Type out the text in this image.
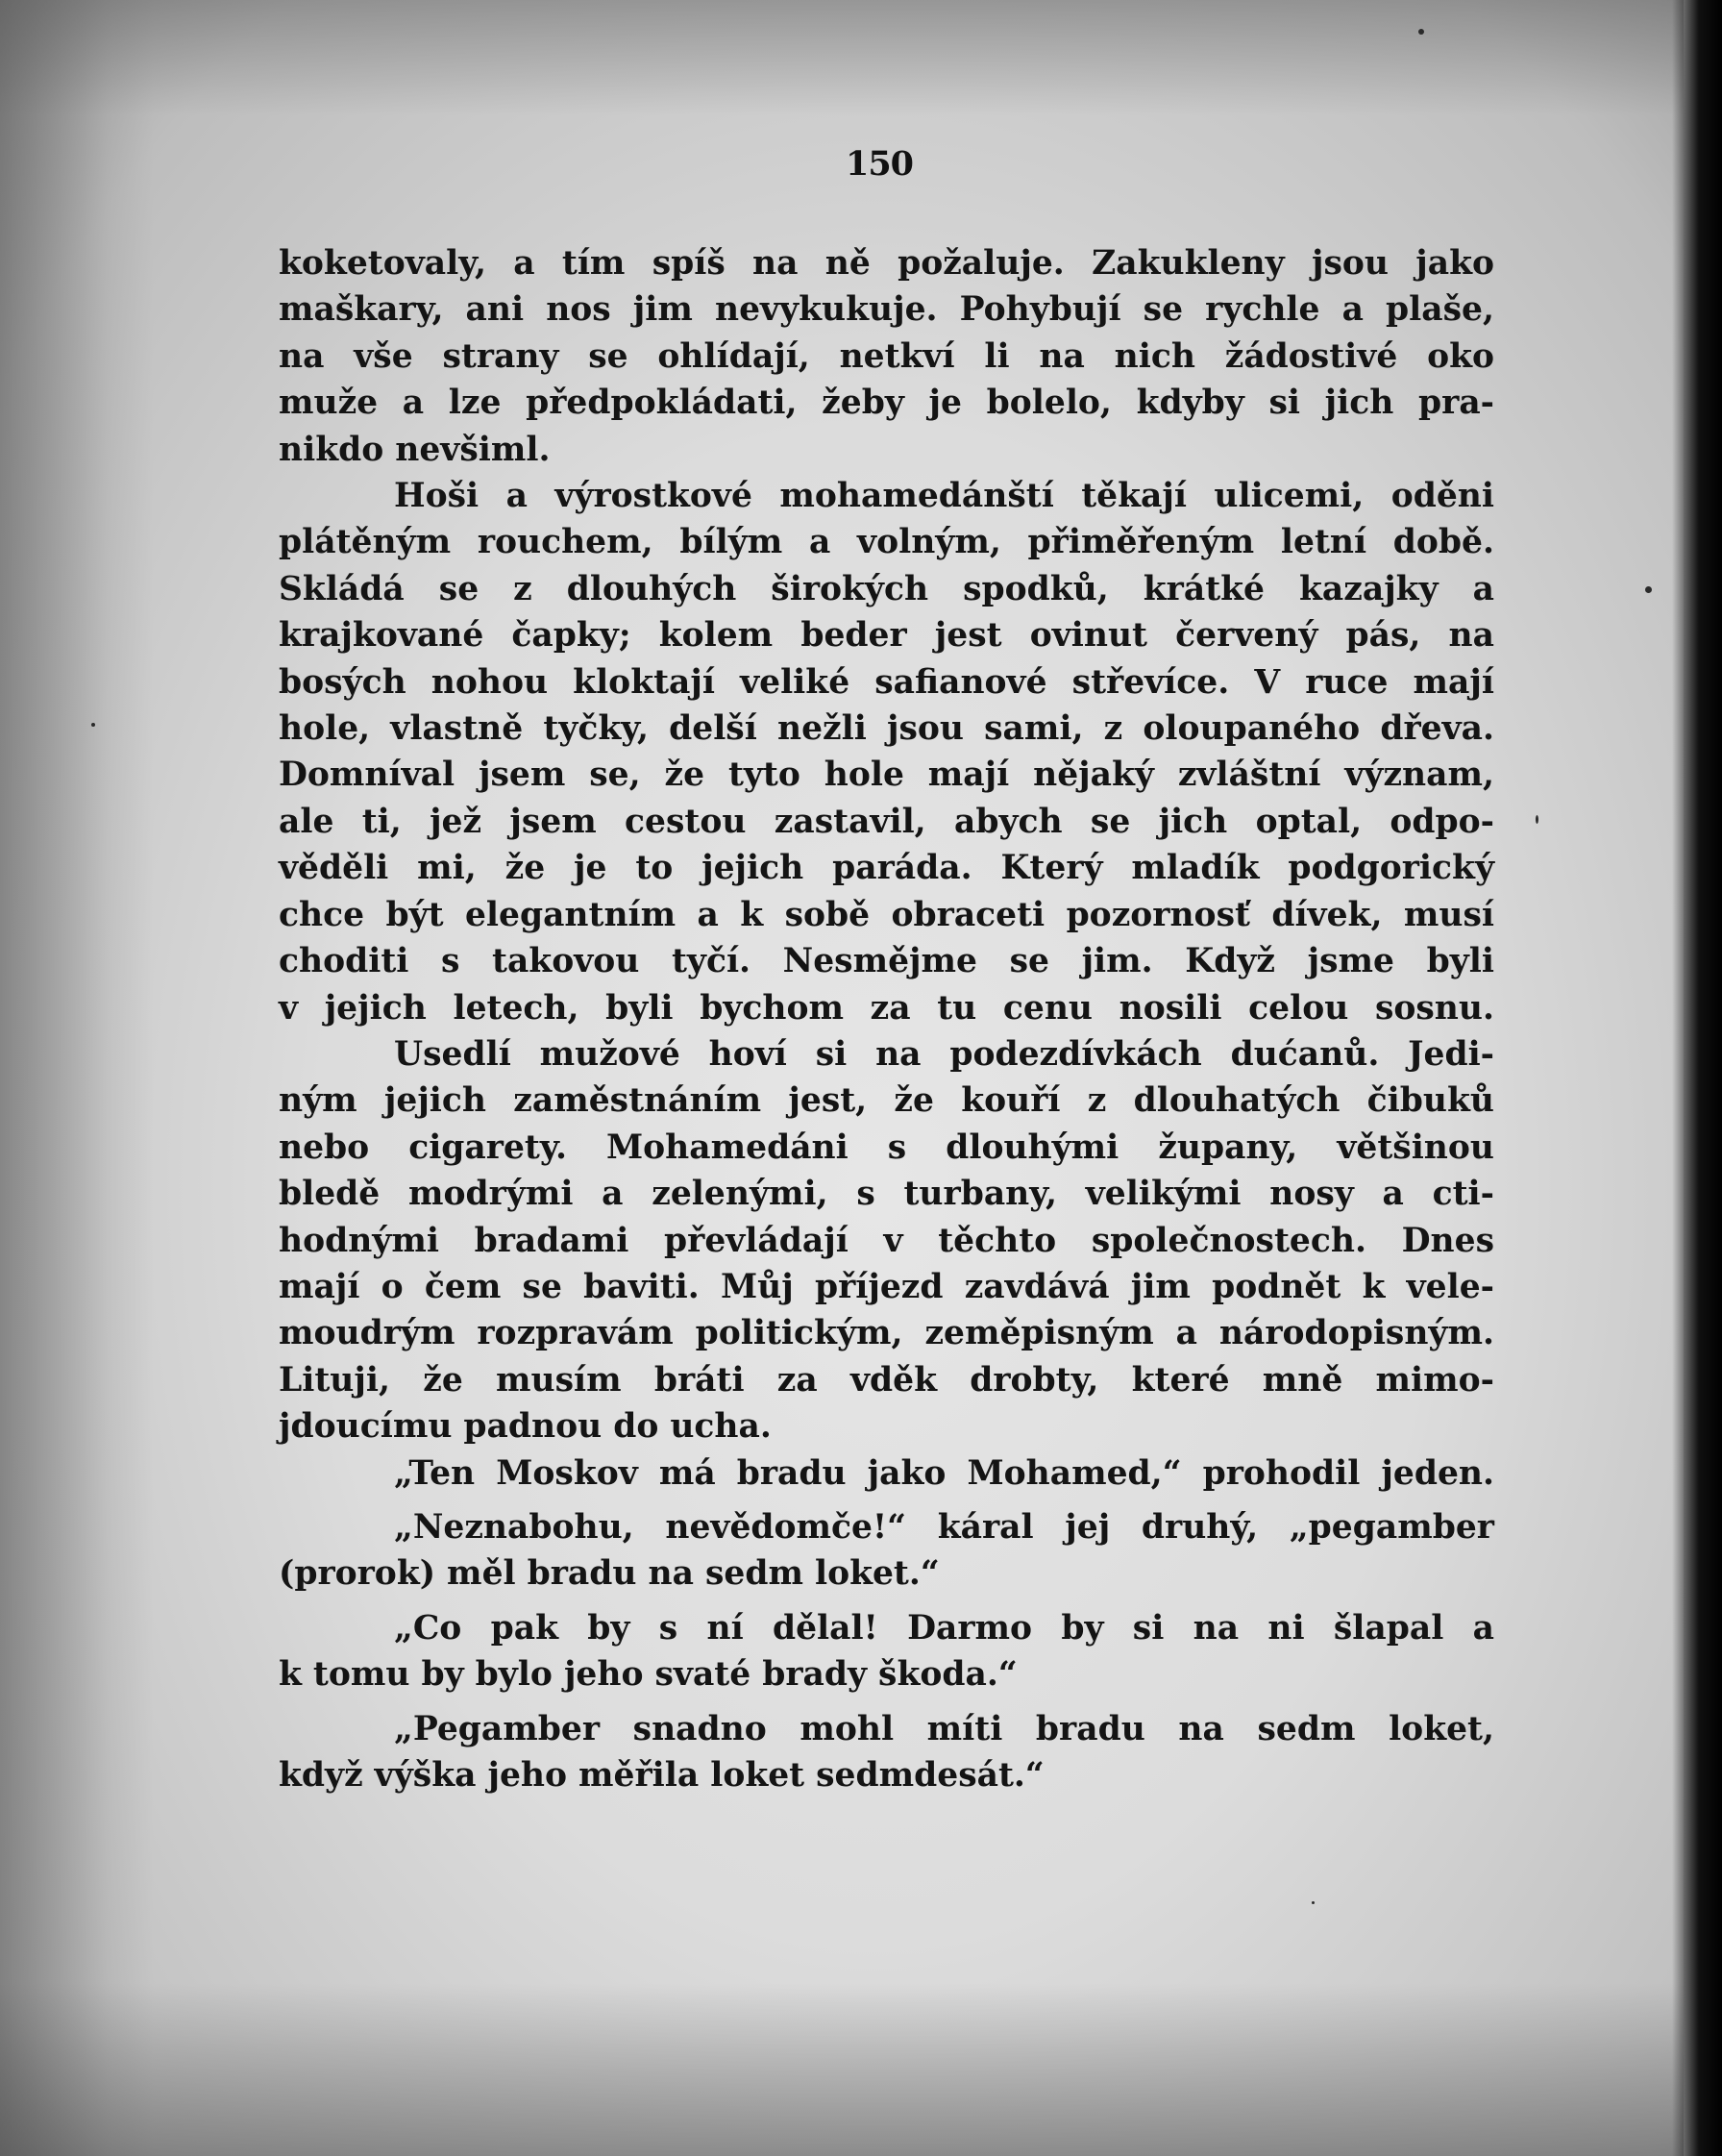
150

koketovaly, a tím spíš na ně požaluje. Zakukleny jsou jako
maškary, ani nos jim nevykukuje. Pohybují se rychle a plaše,
na vše strany se ohlídají, netkví li na nich žádostivé oko
muže a lze předpokládati, žeby je bolelo, kdyby si jich pra-
nikdo nevšiml.

Hoši a výrostkové mohamedánští těkají ulicemi, oděni
plátěným rouchem, bílým a volným, přiměřeným letní době.
Skládá se z dlouhých širokých spodků, krátké kazajky a
krajkované čapky; kolem beder jest ovinut červený pás, na
bosých nohou kloktají veliké safianové střevíce. V ruce mají
hole, vlastně tyčky, delší nežli jsou sami, z oloupaného dřeva.
Domníval jsem se, že tyto hole mají nějaký zvláštní význam,
ale ti, jež jsem cestou zastavil, abych se jich optal, odpo-
věděli mi, že je to jejich paráda. Který mladík podgorický
chce být elegantním a k sobě obraceti pozornosť dívek, musí
choditi s takovou tyčí. Nesmějme se jim. Když jsme byli
v jejich letech, byli bychom za tu cenu nosili celou sosnu.

Usedlí mužové hoví si na podezdívkách dućanů. Jedi-
ným jejich zaměstnáním jest, že kouří z dlouhatých čibuků
nebo cigarety. Mohamedáni s dlouhými župany, většinou
bledě modrými a zelenými, s turbany, velikými nosy a cti-
hodnými bradami převládají v těchto společnostech. Dnes
mají o čem se baviti. Můj příjezd zavdává jim podnět k vele-
moudrým rozpravám politickým, zeměpisným a národopisným.
Lituji, že musím bráti za vděk drobty, které mně mimo-
jdoucímu padnou do ucha.

„Ten Moskov má bradu jako Mohamed,“ prohodil jeden.

„Neznabohu, nevědomče!“ káral jej druhý, „pegamber
(prorok) měl bradu na sedm loket.“

„Co pak by s ní dělal! Darmo by si na ni šlapal a
k tomu by bylo jeho svaté brady škoda.“

„Pegamber snadno mohl míti bradu na sedm loket,
když výška jeho měřila loket sedmdesát.“
